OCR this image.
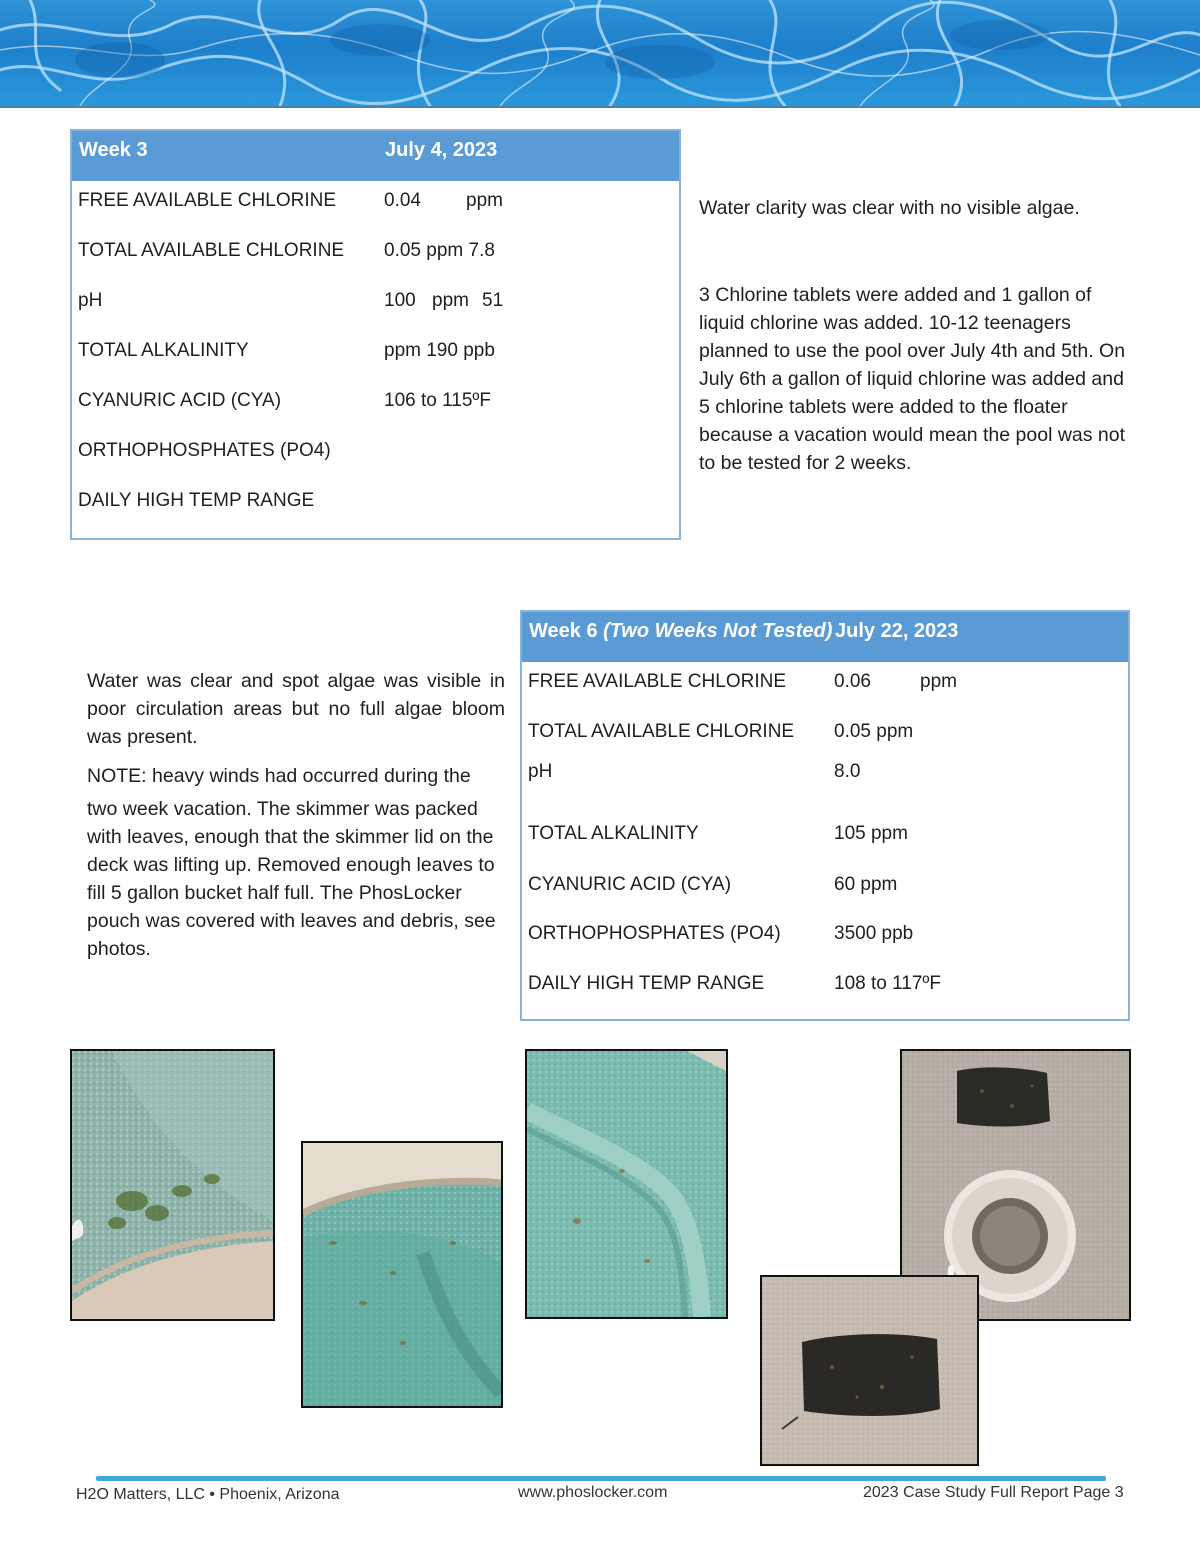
Week 3	July 4, 2023
FREE AVAILABLE CHLORINE	0.04 ppm
TOTAL AVAILABLE CHLORINE 0.05 ppm 7.8
pH	100 ppm 51
TOTAL ALKALINITY	ppm 190 ppb
CYANURIC ACID (CYA)	106 to 115ºF
ORTHOPHOSPHATES (PO4)
DAILY HIGH TEMP RANGE
Water clarity was clear with no visible algae.
3 Chlorine tablets were added and 1 gallon of liquid chlorine was added. 10-12 teenagers planned to use the pool over July 4th and 5th. On July 6th a gallon of liquid chlorine was added and 5 chlorine tablets were added to the floater because a vacation would mean the pool was not to be tested for 2 weeks.
Week 6 (Two Weeks Not Tested) July 22, 2023
FREE AVAILABLE CHLORINE	0.06	ppm
TOTAL AVAILABLE CHLORINE 0.05 ppm
pH	8.0
TOTAL ALKALINITY	105 ppm
CYANURIC ACID (CYA)	60 ppm
ORTHOPHOSPHATES (PO4)	3500 ppb
DAILY HIGH TEMP RANGE	108 to 117ºF
Water was clear and spot algae was visible in poor circulation areas but no full algae bloom was present.
NOTE: heavy winds had occurred during the
two week vacation. The skimmer was packed with leaves, enough that the skimmer lid on the deck was lifting up. Removed enough leaves to fill 5 gallon bucket half full. The PhosLocker pouch was covered with leaves and debris, see photos.
H2O Matters, LLC • Phoenix, Arizona	www.phoslocker.com	2023 Case Study Full Report Page 3
